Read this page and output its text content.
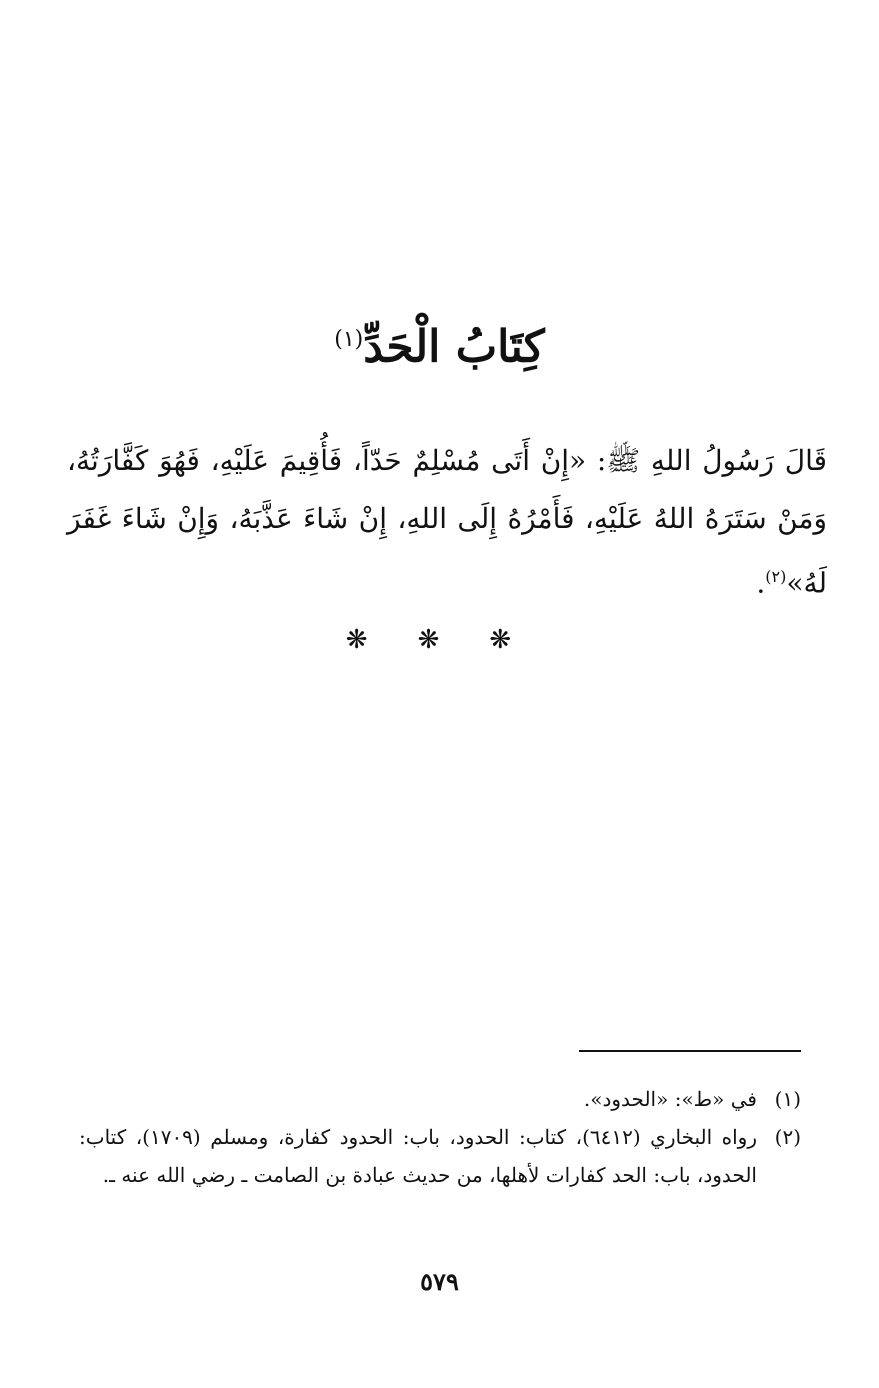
كِتَابُ الْحَدِّ$^{(١)}$

قَالَ رَسُولُ اللهِ ﷺ: «إِنْ أَتَى مُسْلِمٌ حَدّاً، فَأُقِيمَ عَلَيْهِ، فَهُوَ كَفَّارَتُهُ، وَمَنْ سَتَرَهُ اللهُ عَلَيْهِ، فَأَمْرُهُ إِلَى اللهِ، إِنْ شَاءَ عَذَّبَهُ، وَإِنْ شَاءَ غَفَرَ لَهُ»$^{(٢)}$.

❋❋❋
(١)
في «ط»: «الحدود».
(٢)
رواه البخاري (٦٤١٢)، كتاب: الحدود، باب: الحدود كفارة، ومسلم (١٧٠٩)، كتاب: الحدود، باب: الحد كفارات لأهلها، من حديث عبادة بن الصامت ـ رضي الله عنه ـ.
٥٧٩
